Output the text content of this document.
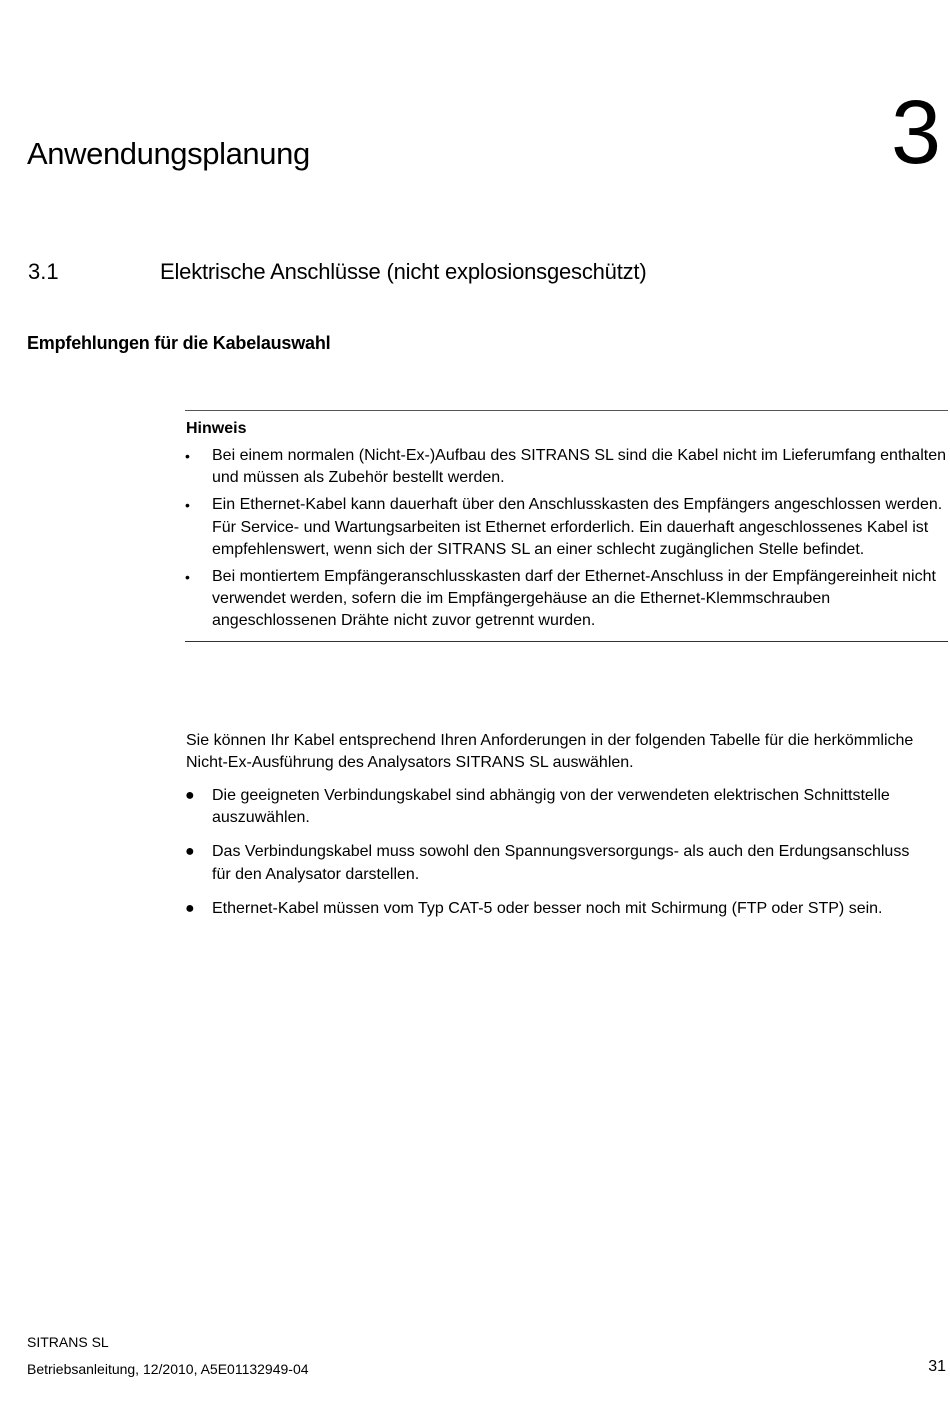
Anwendungsplanung	3
3.1	Elektrische Anschlüsse (nicht explosionsgeschützt)
Empfehlungen für die Kabelauswahl
Hinweis
• Bei einem normalen (Nicht-Ex-)Aufbau des SITRANS SL sind die Kabel nicht im Lieferumfang enthalten und müssen als Zubehör bestellt werden.
• Ein Ethernet-Kabel kann dauerhaft über den Anschlusskasten des Empfängers angeschlossen werden. Für Service- und Wartungsarbeiten ist Ethernet erforderlich. Ein dauerhaft angeschlossenes Kabel ist empfehlenswert, wenn sich der SITRANS SL an einer schlecht zugänglichen Stelle befindet.
• Bei montiertem Empfängeranschlusskasten darf der Ethernet-Anschluss in der Empfängereinheit nicht verwendet werden, sofern die im Empfängergehäuse an die Ethernet-Klemmschrauben angeschlossenen Drähte nicht zuvor getrennt wurden.

Sie können Ihr Kabel entsprechend Ihren Anforderungen in der folgenden Tabelle für die herkömmliche Nicht-Ex-Ausführung des Analysators SITRANS SL auswählen.

● Die geeigneten Verbindungskabel sind abhängig von der verwendeten elektrischen Schnittstelle auszuwählen.
● Das Verbindungskabel muss sowohl den Spannungsversorgungs- als auch den Erdungsanschluss für den Analysator darstellen.
● Ethernet-Kabel müssen vom Typ CAT-5 oder besser noch mit Schirmung (FTP oder STP) sein.
SITRANS SL
Betriebsanleitung, 12/2010, A5E01132949-04	31
